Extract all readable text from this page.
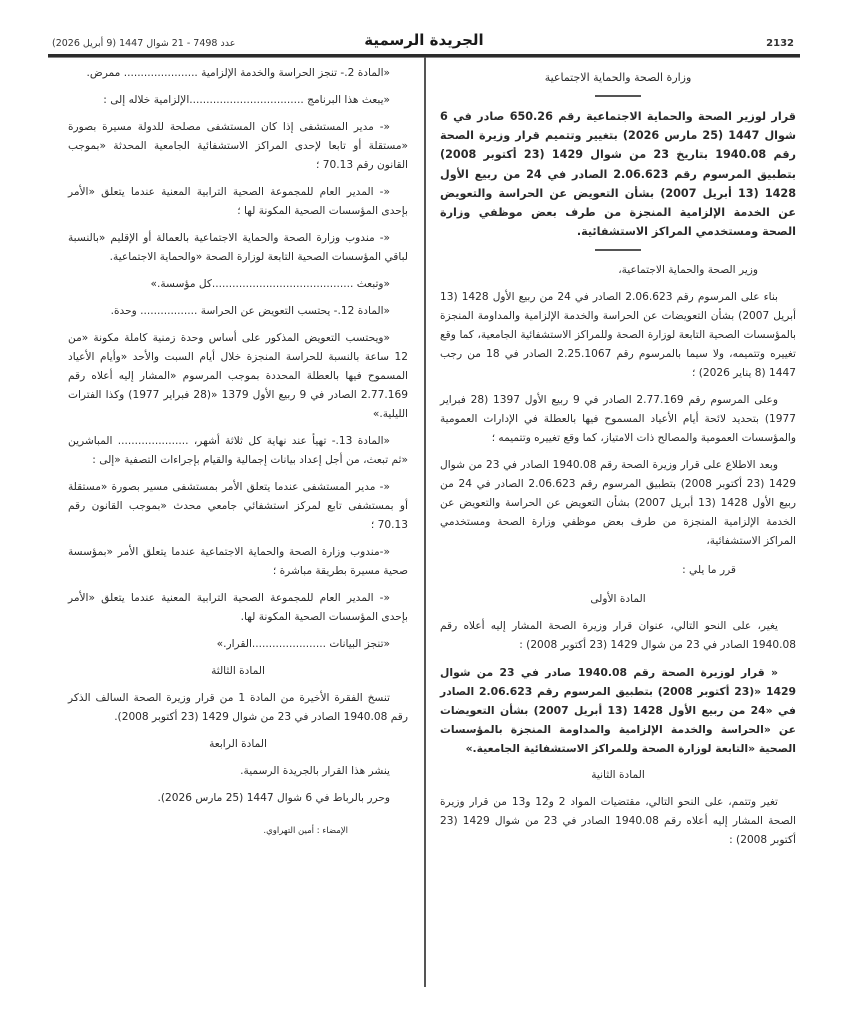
عدد 7498 - 21 شوال 1447 (9 أبريل 2026)	الجريدة الرسمية	2132
وزارة الصحة والحماية الاجتماعية

قرار لوزير الصحة والحماية الاجتماعية رقم 650.26 صادر في 6 شوال 1447 (25 مارس 2026) بتغيير وتتميم قرار وزيرة الصحة رقم 1940.08 بتاريخ 23 من شوال 1429 (23 أكتوبر 2008) بتطبيق المرسوم رقم 2.06.623 الصادر في 24 من ربيع الأول 1428 (13 أبريل 2007) بشأن التعويض عن الحراسة والتعويض عن الخدمة الإلزامية المنجزة من طرف بعض موظفي وزارة الصحة ومستخدمي المراكز الاستشفائية.

وزير الصحة والحماية الاجتماعية،

بناء على المرسوم رقم 2.06.623 الصادر في 24 من ربيع الأول 1428 (13 أبريل 2007) بشأن التعويضات عن الحراسة والخدمة الإلزامية والمداومة المنجزة بالمؤسسات الصحية التابعة لوزارة الصحة وللمراكز الاستشفائية الجامعية، كما وقع تغييره وتتميمه، ولا سيما بالمرسوم رقم 2.25.1067 الصادر في 18 من رجب 1447 (8 يناير 2026) ؛

وعلى المرسوم رقم 2.77.169 الصادر في 9 ربيع الأول 1397 (28 فبراير 1977) بتحديد لائحة أيام الأعياد المسموح فيها بالعطلة في الإدارات العمومية والمؤسسات العمومية والمصالح ذات الامتياز، كما وقع تغييره وتتميمه ؛

وبعد الاطلاع على قرار وزيرة الصحة رقم 1940.08 الصادر في 23 من شوال 1429 (23 أكتوبر 2008) بتطبيق المرسوم رقم 2.06.623 الصادر في 24 من ربيع الأول 1428 (13 أبريل 2007) بشأن التعويض عن الحراسة والتعويض عن الخدمة الإلزامية المنجزة من طرف بعض موظفي وزارة الصحة ومستخدمي المراكز الاستشفائية،

قرر ما يلي :
المادة الأولى

يغير، على النحو التالي، عنوان قرار وزيرة الصحة المشار إليه أعلاه رقم 1940.08 الصادر في 23 من شوال 1429 (23 أكتوبر 2008) :

« قرار لوزيرة الصحة رقم 1940.08 صادر في 23 من شوال 1429 «(23 أكتوبر 2008) بتطبيق المرسوم رقم 2.06.623 الصادر في «24 من ربيع الأول 1428 (13 أبريل 2007) بشأن التعويضات عن «الحراسة والخدمة الإلزامية والمداومة المنجزة بالمؤسسات الصحية «التابعة لوزارة الصحة وللمراكز الاستشفائية الجامعية.»

المادة الثانية

تغير وتتمم، على النحو التالي، مقتضيات المواد 2 و12 و13 من قرار وزيرة الصحة المشار إليه أعلاه رقم 1940.08 الصادر في 23 من شوال 1429 (23 أكتوبر 2008) :

«المادة 2.- تنجز الحراسة والخدمة الإلزامية ...................... ممرض.

«يبعث هذا البرنامج ..................................الإلزامية خلاله إلى :

«- مدير المستشفى إذا كان المستشفى مصلحة للدولة مسيرة بصورة «مستقلة أو تابعا لإحدى المراكز الاستشفائية الجامعية المحدثة «بموجب القانون رقم 70.13 ؛

«- المدير العام للمجموعة الصحية الترابية المعنية عندما يتعلق «الأمر بإحدى المؤسسات الصحية المكونة لها ؛

«- مندوب وزارة الصحة والحماية الاجتماعية بالعمالة أو الإقليم «بالنسبة لباقي المؤسسات الصحية التابعة لوزارة الصحة «والحماية الاجتماعية.

«وتبعث ..........................................كل مؤسسة.»

«المادة 12.- يحتسب التعويض عن الحراسة ................. وحدة.

«ويحتسب التعويض المذكور على أساس وحدة زمنية كاملة مكونة «من 12 ساعة بالنسبة للحراسة المنجزة خلال أيام السبت والأحد «وأيام الأعياد المسموح فيها بالعطلة المحددة بموجب المرسوم «المشار إليه أعلاه رقم 2.77.169 الصادر في 9 ربيع الأول 1379 «(28 فبراير 1977) وكذا الفترات الليلية.»

«المادة 13.- تهيأ عند نهاية كل ثلاثة أشهر، ..................... المباشرين «ثم تبعث، من أجل إعداد بيانات إجمالية والقيام بإجراءات التصفية «إلى :

«- مدير المستشفى عندما يتعلق الأمر بمستشفى مسير بصورة «مستقلة أو بمستشفى تابع لمركز استشفائي جامعي محدث «بموجب القانون رقم 70.13 ؛

«-مندوب وزارة الصحة والحماية الاجتماعية عندما يتعلق الأمر «بمؤسسة صحية مسيرة بطريقة مباشرة ؛

«- المدير العام للمجموعة الصحية الترابية المعنية عندما يتعلق «الأمر بإحدى المؤسسات الصحية المكونة لها.

«تنجز البيانات ......................القرار.»

المادة الثالثة

تنسخ الفقرة الأخيرة من المادة 1 من قرار وزيرة الصحة السالف الذكر رقم 1940.08 الصادر في 23 من شوال 1429 (23 أكتوبر 2008).

المادة الرابعة

ينشر هذا القرار بالجريدة الرسمية.

وحرر بالرباط في 6 شوال 1447 (25 مارس 2026).

الإمضاء : أمين التهراوي.
